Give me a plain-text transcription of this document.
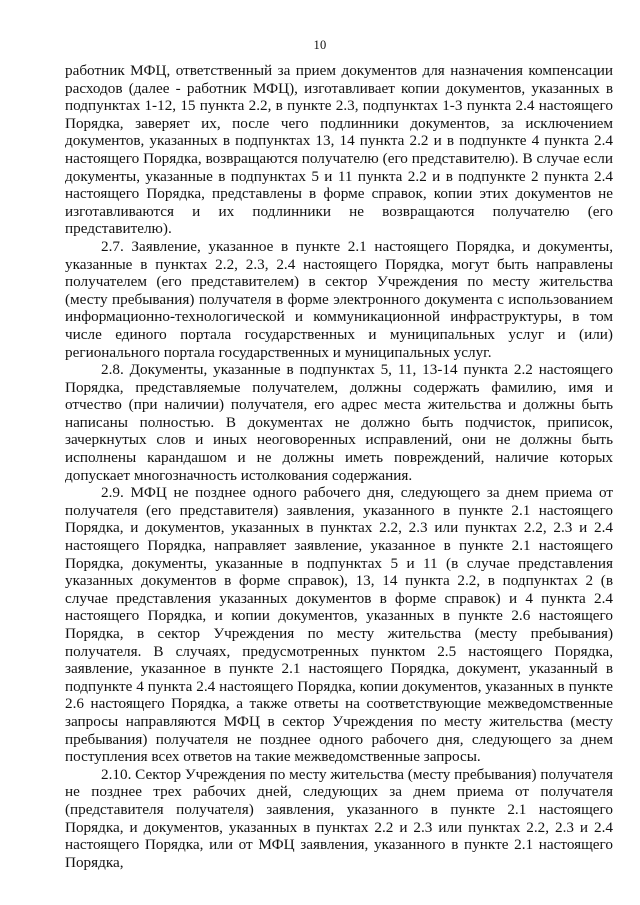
10

работник МФЦ, ответственный за прием документов для назначения компенсации расходов (далее - работник МФЦ), изготавливает копии документов, указанных в подпунктах 1-12, 15 пункта 2.2, в пункте 2.3, подпунктах 1-3 пункта 2.4 настоящего Порядка, заверяет их, после чего подлинники документов, за исключением документов, указанных в подпунктах 13, 14 пункта 2.2 и в подпункте 4 пункта 2.4 настоящего Порядка, возвращаются получателю (его представителю). В случае если документы, указанные в подпунктах 5 и 11 пункта 2.2 и в подпункте 2 пункта 2.4 настоящего Порядка, представлены в форме справок, копии этих документов не изготавливаются и их подлинники не возвращаются получателю (его представителю).

2.7. Заявление, указанное в пункте 2.1 настоящего Порядка, и документы, указанные в пунктах 2.2, 2.3, 2.4 настоящего Порядка, могут быть направлены получателем (его представителем) в сектор Учреждения по месту жительства (месту пребывания) получателя в форме электронного документа с использованием информационно-технологической и коммуникационной инфраструктуры, в том числе единого портала государственных и муниципальных услуг и (или) регионального портала государственных и муниципальных услуг.

2.8. Документы, указанные в подпунктах 5, 11, 13-14 пункта 2.2 настоящего Порядка, представляемые получателем, должны содержать фамилию, имя и отчество (при наличии) получателя, его адрес места жительства и должны быть написаны полностью. В документах не должно быть подчисток, приписок, зачеркнутых слов и иных неоговоренных исправлений, они не должны быть исполнены карандашом и не должны иметь повреждений, наличие которых допускает многозначность истолкования содержания.

2.9. МФЦ не позднее одного рабочего дня, следующего за днем приема от получателя (его представителя) заявления, указанного в пункте 2.1 настоящего Порядка, и документов, указанных в пунктах 2.2, 2.3 или пунктах 2.2, 2.3 и 2.4 настоящего Порядка, направляет заявление, указанное в пункте 2.1 настоящего Порядка, документы, указанные в подпунктах 5 и 11 (в случае представления указанных документов в форме справок), 13, 14 пункта 2.2, в подпунктах 2 (в случае представления указанных документов в форме справок) и 4 пункта 2.4 настоящего Порядка, и копии документов, указанных в пункте 2.6 настоящего Порядка, в сектор Учреждения по месту жительства (месту пребывания) получателя. В случаях, предусмотренных пунктом 2.5 настоящего Порядка, заявление, указанное в пункте 2.1 настоящего Порядка, документ, указанный в подпункте 4 пункта 2.4 настоящего Порядка, копии документов, указанных в пункте 2.6 настоящего Порядка, а также ответы на соответствующие межведомственные запросы направляются МФЦ в сектор Учреждения по месту жительства (месту пребывания) получателя не позднее одного рабочего дня, следующего за днем поступления всех ответов на такие межведомственные запросы.

2.10. Сектор Учреждения по месту жительства (месту пребывания) получателя не позднее трех рабочих дней, следующих за днем приема от получателя (представителя получателя) заявления, указанного в пункте 2.1 настоящего Порядка, и документов, указанных в пунктах 2.2 и 2.3 или пунктах 2.2, 2.3 и 2.4 настоящего Порядка, или от МФЦ заявления, указанного в пункте 2.1 настоящего Порядка,
